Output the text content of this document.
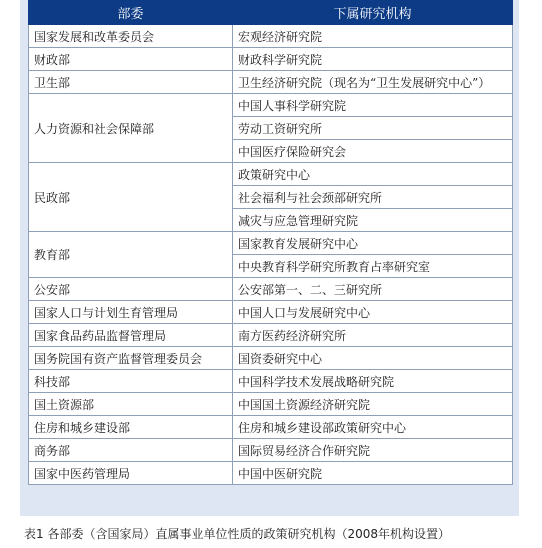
部委	下属研究机构
国家发展和改革委员会	宏观经济研究院
财政部	财政科学研究院
卫生部	卫生经济研究院（现名为“卫生发展研究中心”）
人力资源和社会保障部	中国人事科学研究院
	劳动工资研究所
	中国医疗保险研究会
民政部	政策研究中心
	社会福利与社会颈部研究所
	减灾与应急管理研究院
教育部	国家教育发展研究中心
	中央教育科学研究所教育占率研究室
公安部	公安部第一、二、三研究所
国家人口与计划生育管理局	中国人口与发展研究中心
国家食品药品监督管理局	南方医药经济研究所
国务院国有资产监督管理委员会	国资委研究中心
科技部	中国科学技术发展战略研究院
国土资源部	中国国土资源经济研究院
住房和城乡建设部	住房和城乡建设部政策研究中心
商务部	国际贸易经济合作研究院
国家中医药管理局	中国中医研究院
表1 各部委（含国家局）直属事业单位性质的政策研究机构（2008年机构设置）
